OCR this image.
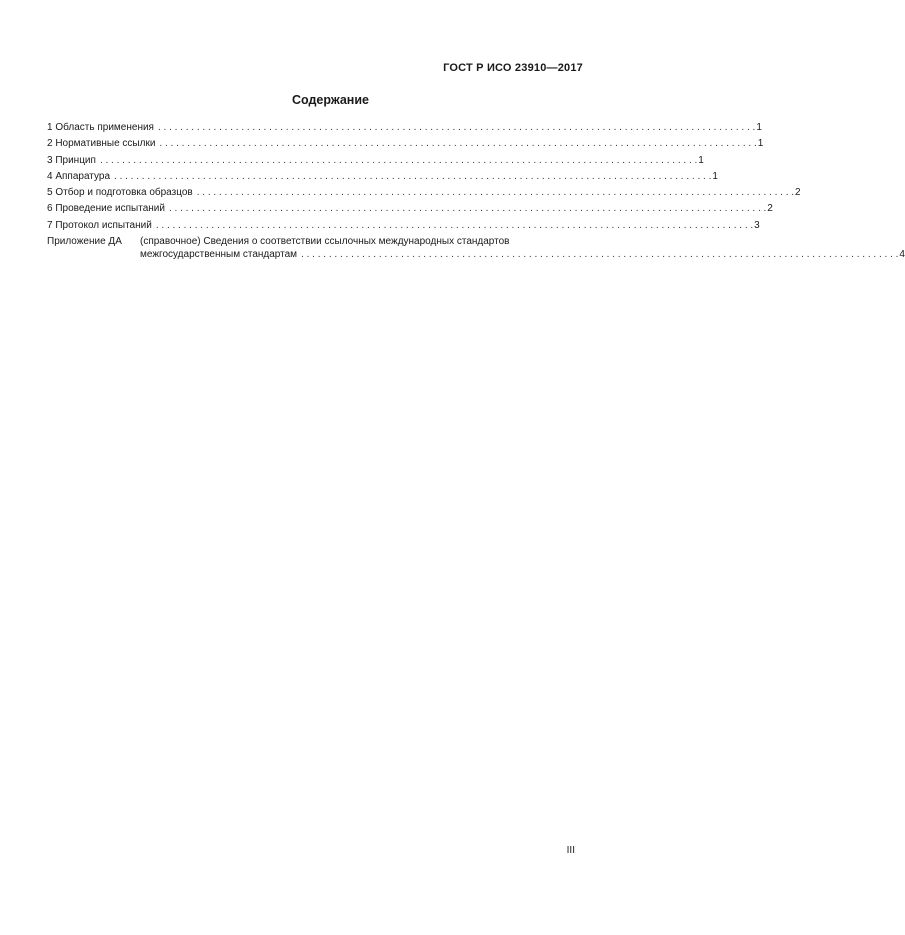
ГОСТ Р ИСО 23910—2017
Содержание
1 Область применения . . .	1
2 Нормативные ссылки . . .	1
3 Принцип . . .	1
4 Аппаратура . . .	1
5 Отбор и подготовка образцов . . .	2
6 Проведение испытаний . . .	2
7 Протокол испытаний . . .	3
Приложение ДА	(справочное) Сведения о соответствии ссылочных международных стандартов
межгосударственным стандартам . . .	4
III
